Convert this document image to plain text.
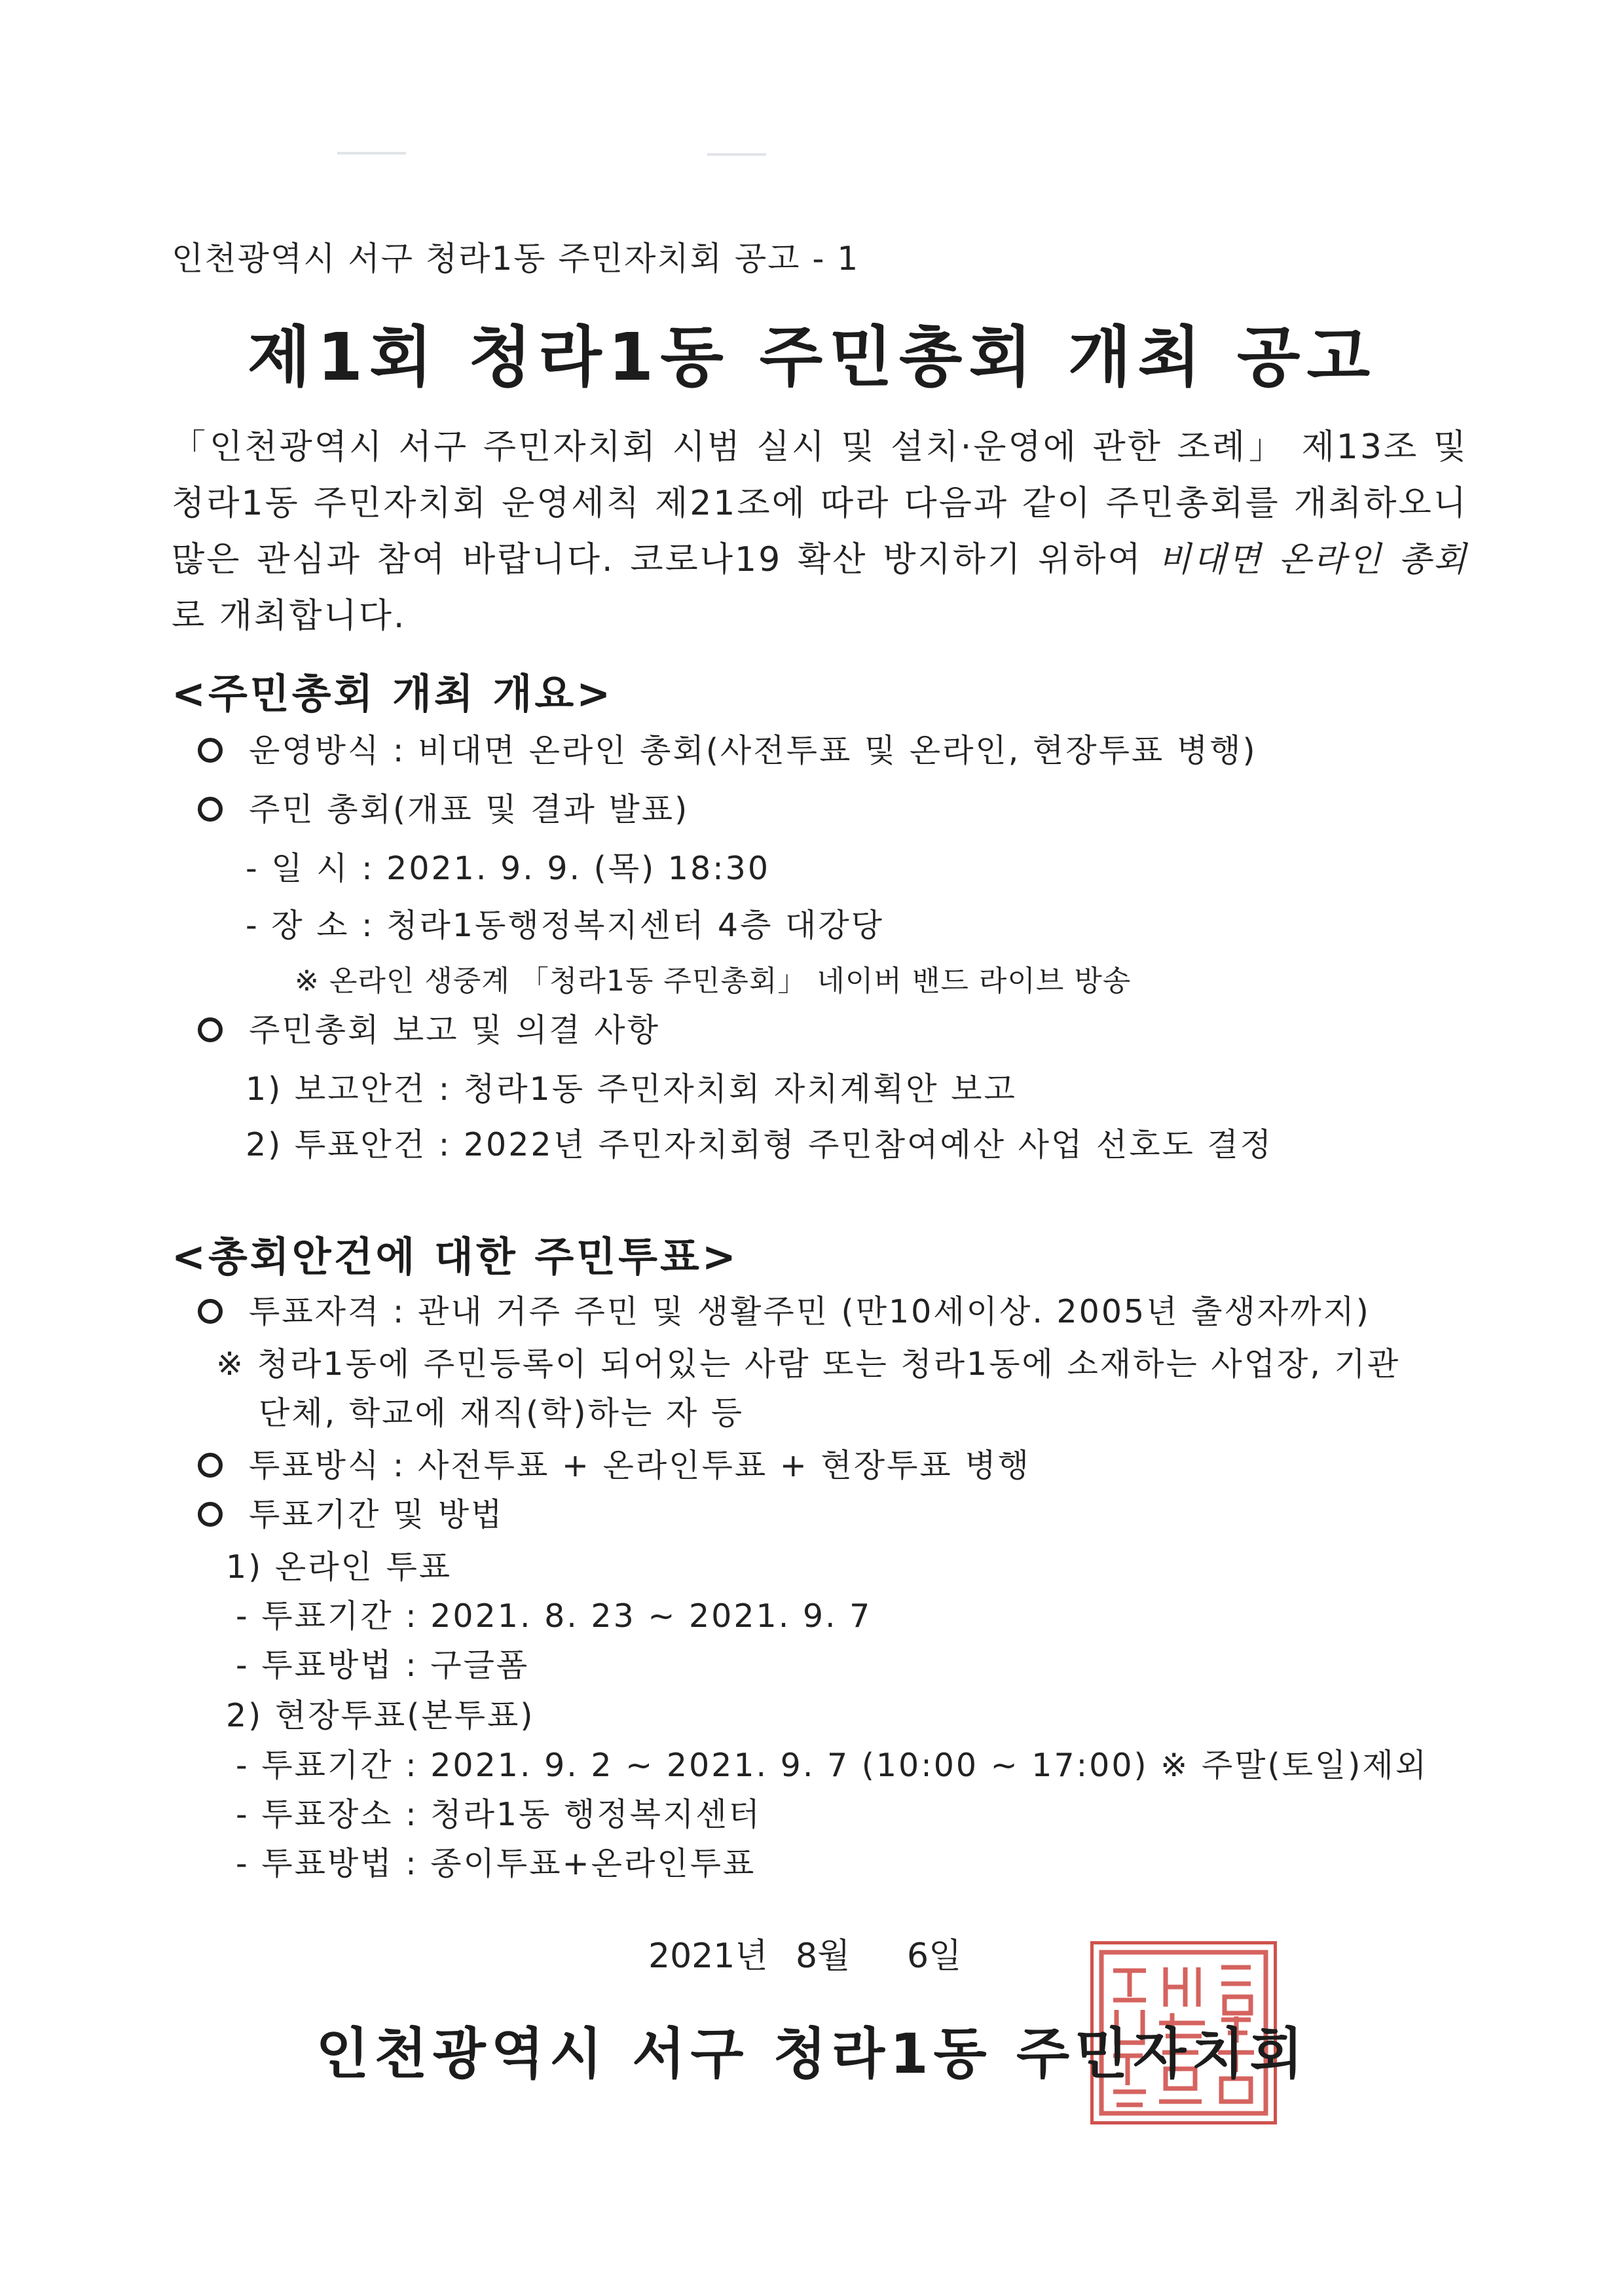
인천광역시 서구 청라1동 주민자치회 공고 - 1
제1회 청라1동 주민총회 개최 공고
「인천광역시 서구 주민자치회 시범 실시 및 설치·운영에 관한 조례」 제13조 및 청라1동 주민자치회 운영세칙 제21조에 따라 다음과 같이 주민총회를 개최하오니 많은 관심과 참여 바랍니다. 코로나19 확산 방지하기 위하여 비대면 온라인 총회로 개최합니다.
<주민총회 개최 개요>
운영방식 : 비대면 온라인 총회(사전투표 및 온라인, 현장투표 병행)
주민 총회(개표 및 결과 발표)
- 일 시 : 2021. 9. 9. (목) 18:30
- 장 소 : 청라1동행정복지센터 4층 대강당
※ 온라인 생중계 「청라1동 주민총회」 네이버 밴드 라이브 방송
주민총회 보고 및 의결 사항
1) 보고안건 : 청라1동 주민자치회 자치계획안 보고
2) 투표안건 : 2022년 주민자치회형 주민참여예산 사업 선호도 결정
<총회안건에 대한 주민투표>
투표자격 : 관내 거주 주민 및 생활주민 (만10세이상. 2005년 출생자까지)
※ 청라1동에 주민등록이 되어있는 사람 또는 청라1동에 소재하는 사업장, 기관
단체, 학교에 재직(학)하는 자 등
투표방식 : 사전투표 + 온라인투표 + 현장투표 병행
투표기간 및 방법
1) 온라인 투표
- 투표기간 : 2021. 8. 23 ~ 2021. 9. 7
- 투표방법 : 구글폼
2) 현장투표(본투표)
- 투표기간 : 2021. 9. 2 ~ 2021. 9. 7 (10:00 ~ 17:00) ※ 주말(토일)제외
- 투표장소 : 청라1동 행정복지센터
- 투표방법 : 종이투표+온라인투표
2021년 8월 6일
인천광역시 서구 청라1동 주민자치회
